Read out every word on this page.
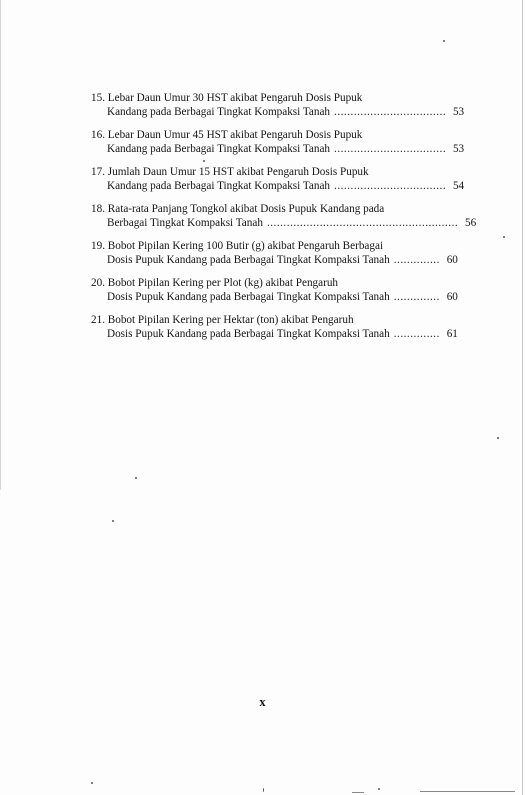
15. Lebar Daun Umur 30 HST akibat Pengaruh Dosis Pupuk
Kandang pada Berbagai Tingkat Kompaksi Tanah .................................. 53
16. Lebar Daun Umur 45 HST akibat Pengaruh Dosis Pupuk
Kandang pada Berbagai Tingkat Kompaksi Tanah .................................. 53
17. Jumlah Daun Umur 15 HST akibat Pengaruh Dosis Pupuk
Kandang pada Berbagai Tingkat Kompaksi Tanah .................................. 54
18. Rata-rata Panjang Tongkol akibat Dosis Pupuk Kandang pada
Berbagai Tingkat Kompaksi Tanah .......................................................... 56
19. Bobot Pipilan Kering 100 Butir (g) akibat Pengaruh Berbagai
Dosis Pupuk Kandang pada Berbagai Tingkat Kompaksi Tanah .............. 60
20. Bobot Pipilan Kering per Plot (kg) akibat Pengaruh
Dosis Pupuk Kandang pada Berbagai Tingkat Kompaksi Tanah .............. 60
21. Bobot Pipilan Kering per Hektar (ton) akibat Pengaruh
Dosis Pupuk Kandang pada Berbagai Tingkat Kompaksi Tanah .............. 61
x
